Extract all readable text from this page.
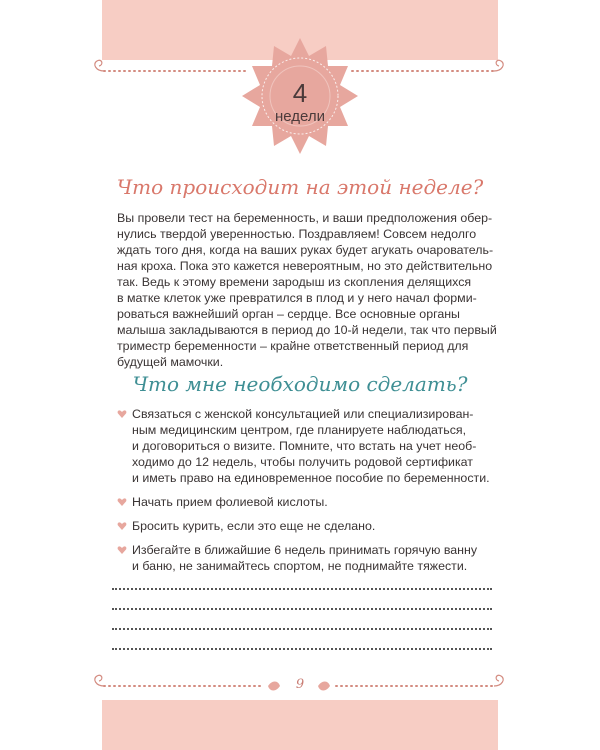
4
недели
Что происходит на этой неделе?

Вы провели тест на беременность, и ваши предположения обер-

нулись твердой уверенностью. Поздравляем! Совсем недолго

ждать того дня, когда на ваших руках будет агукать очарователь-

ная кроха. Пока это кажется невероятным, но это действительно

так. Ведь к этому времени зародыш из скопления делящихся

в матке клеток уже превратился в плод и у него начал форми-

роваться важнейший орган – сердце. Все основные органы

малыша закладываются в период до 10-й недели, так что первый

триместр беременности – крайне ответственный период для

будущей мамочки.

Что мне необходимо сделать?
Связаться с женской консультацией или специализирован-
ным медицинским центром, где планируете наблюдаться,
и договориться о визите. Помните, что встать на учет необ-
ходимо до 12 недель, чтобы получить родовой сертификат
и иметь право на единовременное пособие по беременности.
Начать прием фолиевой кислоты.
Бросить курить, если это еще не сделано.
Избегайте в ближайшие 6 недель принимать горячую ванну
и баню, не занимайтесь спортом, не поднимайте тяжести.
9
